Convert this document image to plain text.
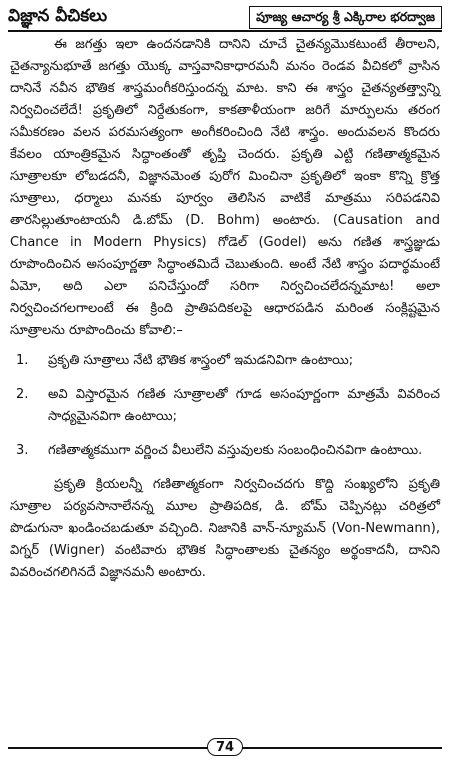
విజ్ఞాన వీచికలు	పూజ్య ఆచార్య శ్రీ ఎక్కిరాల భరద్వాజ

ఈ జగత్తు ఇలా ఉందనడానికి దానిని చూచే చైతన్యమొకటుంటే తీరాలని, చైతన్యానుభూతే జగత్తు యొక్క వాస్తవానికాధారమనీ మనం రెండవ వీచికలో వ్రాసిన దానినే నవీన భౌతిక శాస్త్రమంగీకరిస్తుందన్న మాట. కాని ఈ శాస్త్రం చైతన్యతత్త్వాన్ని నిర్వచించలేదే! ప్రకృతిలో నిర్దేతుకంగా, కాకతాళీయంగా జరిగే మార్పులను తరంగ సమీకరణం వలన పరమసత్యంగా అంగీకరించింది నేటి శాస్త్రం. అందువలన కొందరు కేవలం యాంత్రికమైన సిద్ధాంతంతో తృప్తి చెందరు. ప్రకృతి ఎట్టి గణితాత్మకమైన సూత్రాలకూ లోబడదనీ, విజ్ఞానమెంత పురోగ మించినా ప్రకృతిలో ఇంకా కొన్ని క్రొత్త సూత్రాలు, ధర్మాలు మనకు పూర్వం తెలిసిన వాటికే మాత్రము సరిపడనివి తారసిల్లుతూంటాయనీ డి.బోమ్ (D. Bohm) అంటారు. (Causation and Chance in Modern Physics) గోడెల్ (Godel) అను గణిత శాస్త్రజ్ఞుడు రూపొందించిన అసంపూర్ణతా సిద్ధాంతమిదే చెబుతుంది. అంటే నేటి శాస్త్రం పదార్థమంటే ఏమో, అది ఎలా పనిచేస్తుందో సరిగా నిర్వచించలేదన్నమాట! అలా నిర్వచించగలగాలంటే ఈ క్రింది ప్రాతిపదికలపై ఆధారపడిన మరింత సంక్లిష్టమైన సూత్రాలను రూపొందించు కోవాలి:–

1. ప్రకృతి సూత్రాలు నేటి భౌతిక శాస్త్రంలో ఇమడనివిగా ఉంటాయి;
2. అవి విస్తారమైన గణిత సూత్రాలతో గూడ అసంపూర్ణంగా మాత్రమే వివరించ సాధ్యమైనవిగా ఉంటాయి;
3. గణితాత్మకముగా వర్ణించ వీలులేని వస్తువులకు సంబంధించినవిగా ఉంటాయి.

ప్రకృతి క్రియలన్నీ గణితాత్మకంగా నిర్వచించదగు కొద్ది సంఖ్యలోని ప్రకృతి సూత్రాల పర్యవసానాలేనన్న మూల ప్రాతిపదిక, డి. బోమ్ చెప్పినట్లు చరిత్రలో పొడుగునా ఖండించబడుతూ వచ్చింది. నిజానికి వాన్-న్యూమన్ (Von-Newmann), విగ్నర్ (Wigner) వంటివారు భౌతిక సిద్ధాంతాలకు చైతన్యం అర్థంకాదనీ, దానిని వివరించగలిగినదే విజ్ఞానమనీ అంటారు.

74
